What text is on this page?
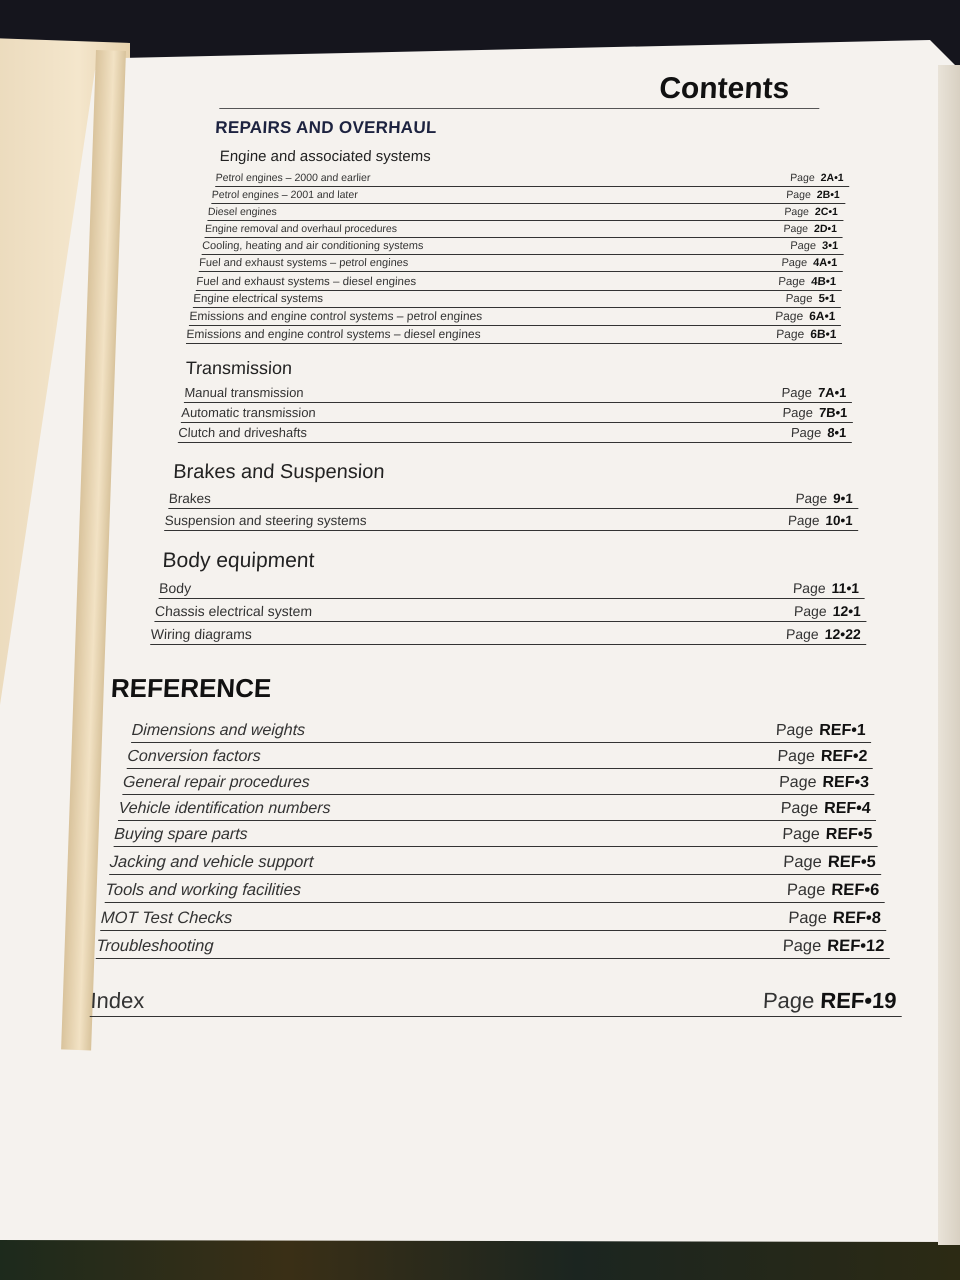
Contents
REPAIRS AND OVERHAUL
Engine and associated systems
Transmission
Brakes and Suspension
Body equipment
REFERENCE
Petrol engines – 2000 and earlier	Page 2A•1
Petrol engines – 2001 and later	Page 2B•1
Diesel engines	Page 2C•1
Engine removal and overhaul procedures	Page 2D•1
Cooling, heating and air conditioning systems	Page 3•1
Fuel and exhaust systems – petrol engines	Page 4A•1
Fuel and exhaust systems – diesel engines	Page 4B•1
Engine electrical systems	Page 5•1
Emissions and engine control systems – petrol engines	Page 6A•1
Emissions and engine control systems – diesel engines	Page 6B•1
Manual transmission	Page 7A•1
Automatic transmission	Page 7B•1
Clutch and driveshafts	Page 8•1
Brakes	Page 9•1
Suspension and steering systems	Page 10•1
Body	Page 11•1
Chassis electrical system	Page 12•1
Wiring diagrams	Page 12•22
Dimensions and weights	Page REF•1
Conversion factors	Page REF•2
General repair procedures	Page REF•3
Vehicle identification numbers	Page REF•4
Buying spare parts	Page REF•5
Jacking and vehicle support	Page REF•5
Tools and working facilities	Page REF•6
MOT Test Checks	Page REF•8
Troubleshooting	Page REF•12
Index	Page REF•19
